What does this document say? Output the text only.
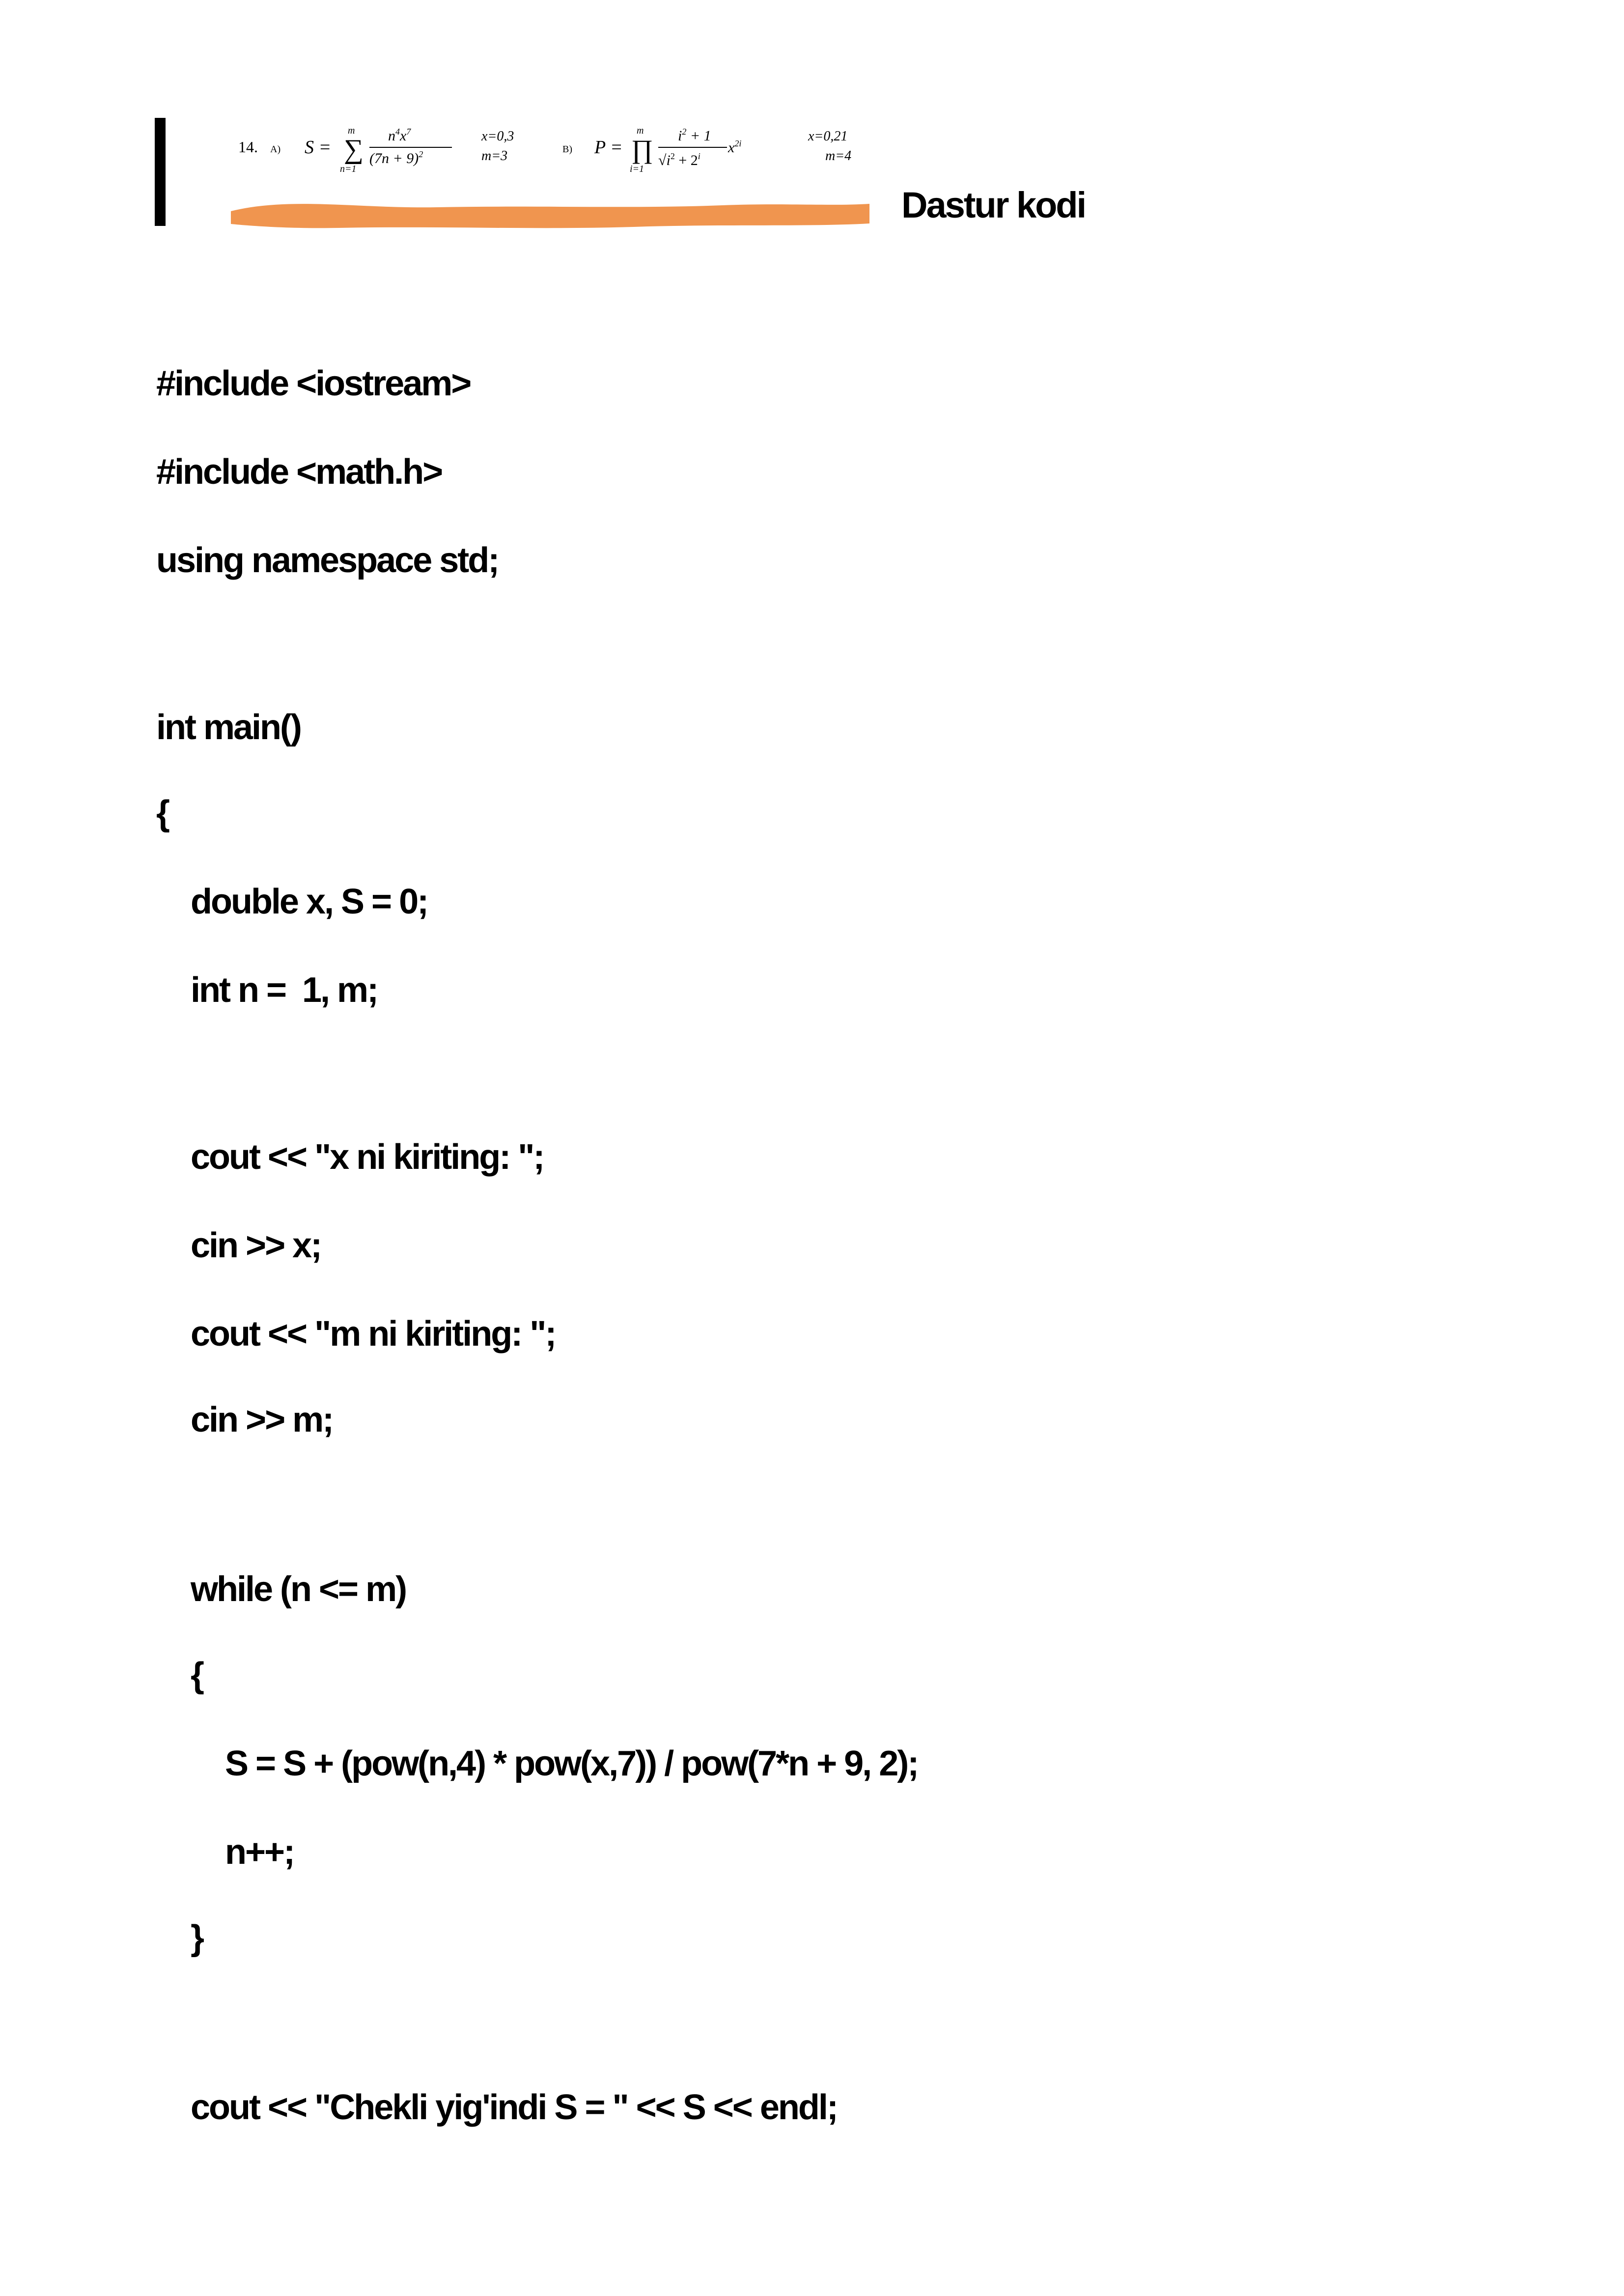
14. A) S = ∑
m
n=1
$n^4x^7$
$(7n + 9)^2$
x=0,3
m=3	B) P = ∏
m
i=1
$i^2 + 1$
$√i^2 + 2^i$
$x^{2i}$	x=0,21
m=4
Dastur kodi
#include <iostream>
#include <math.h>
using namespace std;
int main()
{
double x, S = 0;
int n =  1, m;
cout << "x ni kiriting: ";
cin >> x;
cout << "m ni kiriting: ";
cin >> m;
while (n <= m)
{
S = S + (pow(n,4) * pow(x,7)) / pow(7*n + 9, 2);
n++;
}
cout << "Chekli yig'indi S = " << S << endl;
